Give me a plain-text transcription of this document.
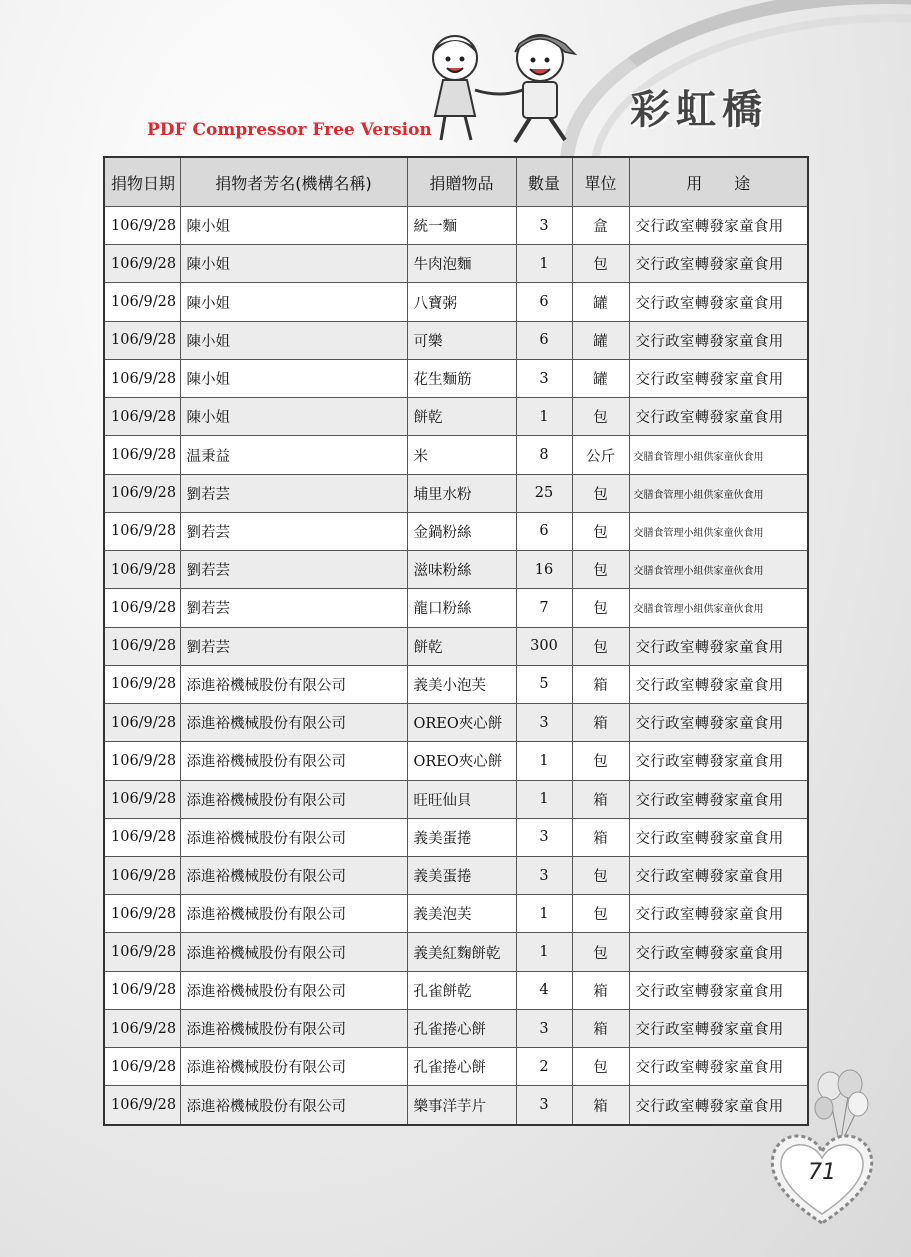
彩虹橋
PDF Compressor Free Version
捐物日期	捐物者芳名(機構名稱)	捐贈物品	數量	單位	用　　途
106/9/28	陳小姐	統一麵	3	盒	交行政室轉發家童食用
106/9/28	陳小姐	牛肉泡麵	1	包	交行政室轉發家童食用
106/9/28	陳小姐	八寶粥	6	罐	交行政室轉發家童食用
106/9/28	陳小姐	可樂	6	罐	交行政室轉發家童食用
106/9/28	陳小姐	花生麵筋	3	罐	交行政室轉發家童食用
106/9/28	陳小姐	餅乾	1	包	交行政室轉發家童食用
106/9/28	温秉益	米	8	公斤	交膳食管理小組供家童伙食用
106/9/28	劉若芸	埔里水粉	25	包	交膳食管理小組供家童伙食用
106/9/28	劉若芸	金鍋粉絲	6	包	交膳食管理小組供家童伙食用
106/9/28	劉若芸	滋味粉絲	16	包	交膳食管理小組供家童伙食用
106/9/28	劉若芸	龍口粉絲	7	包	交膳食管理小組供家童伙食用
106/9/28	劉若芸	餅乾	300	包	交行政室轉發家童食用
106/9/28	添進裕機械股份有限公司	義美小泡芙	5	箱	交行政室轉發家童食用
106/9/28	添進裕機械股份有限公司	OREO夾心餅	3	箱	交行政室轉發家童食用
106/9/28	添進裕機械股份有限公司	OREO夾心餅	1	包	交行政室轉發家童食用
106/9/28	添進裕機械股份有限公司	旺旺仙貝	1	箱	交行政室轉發家童食用
106/9/28	添進裕機械股份有限公司	義美蛋捲	3	箱	交行政室轉發家童食用
106/9/28	添進裕機械股份有限公司	義美蛋捲	3	包	交行政室轉發家童食用
106/9/28	添進裕機械股份有限公司	義美泡芙	1	包	交行政室轉發家童食用
106/9/28	添進裕機械股份有限公司	義美紅麴餅乾	1	包	交行政室轉發家童食用
106/9/28	添進裕機械股份有限公司	孔雀餅乾	4	箱	交行政室轉發家童食用
106/9/28	添進裕機械股份有限公司	孔雀捲心餅	3	箱	交行政室轉發家童食用
106/9/28	添進裕機械股份有限公司	孔雀捲心餅	2	包	交行政室轉發家童食用
106/9/28	添進裕機械股份有限公司	樂事洋芋片	3	箱	交行政室轉發家童食用
71
